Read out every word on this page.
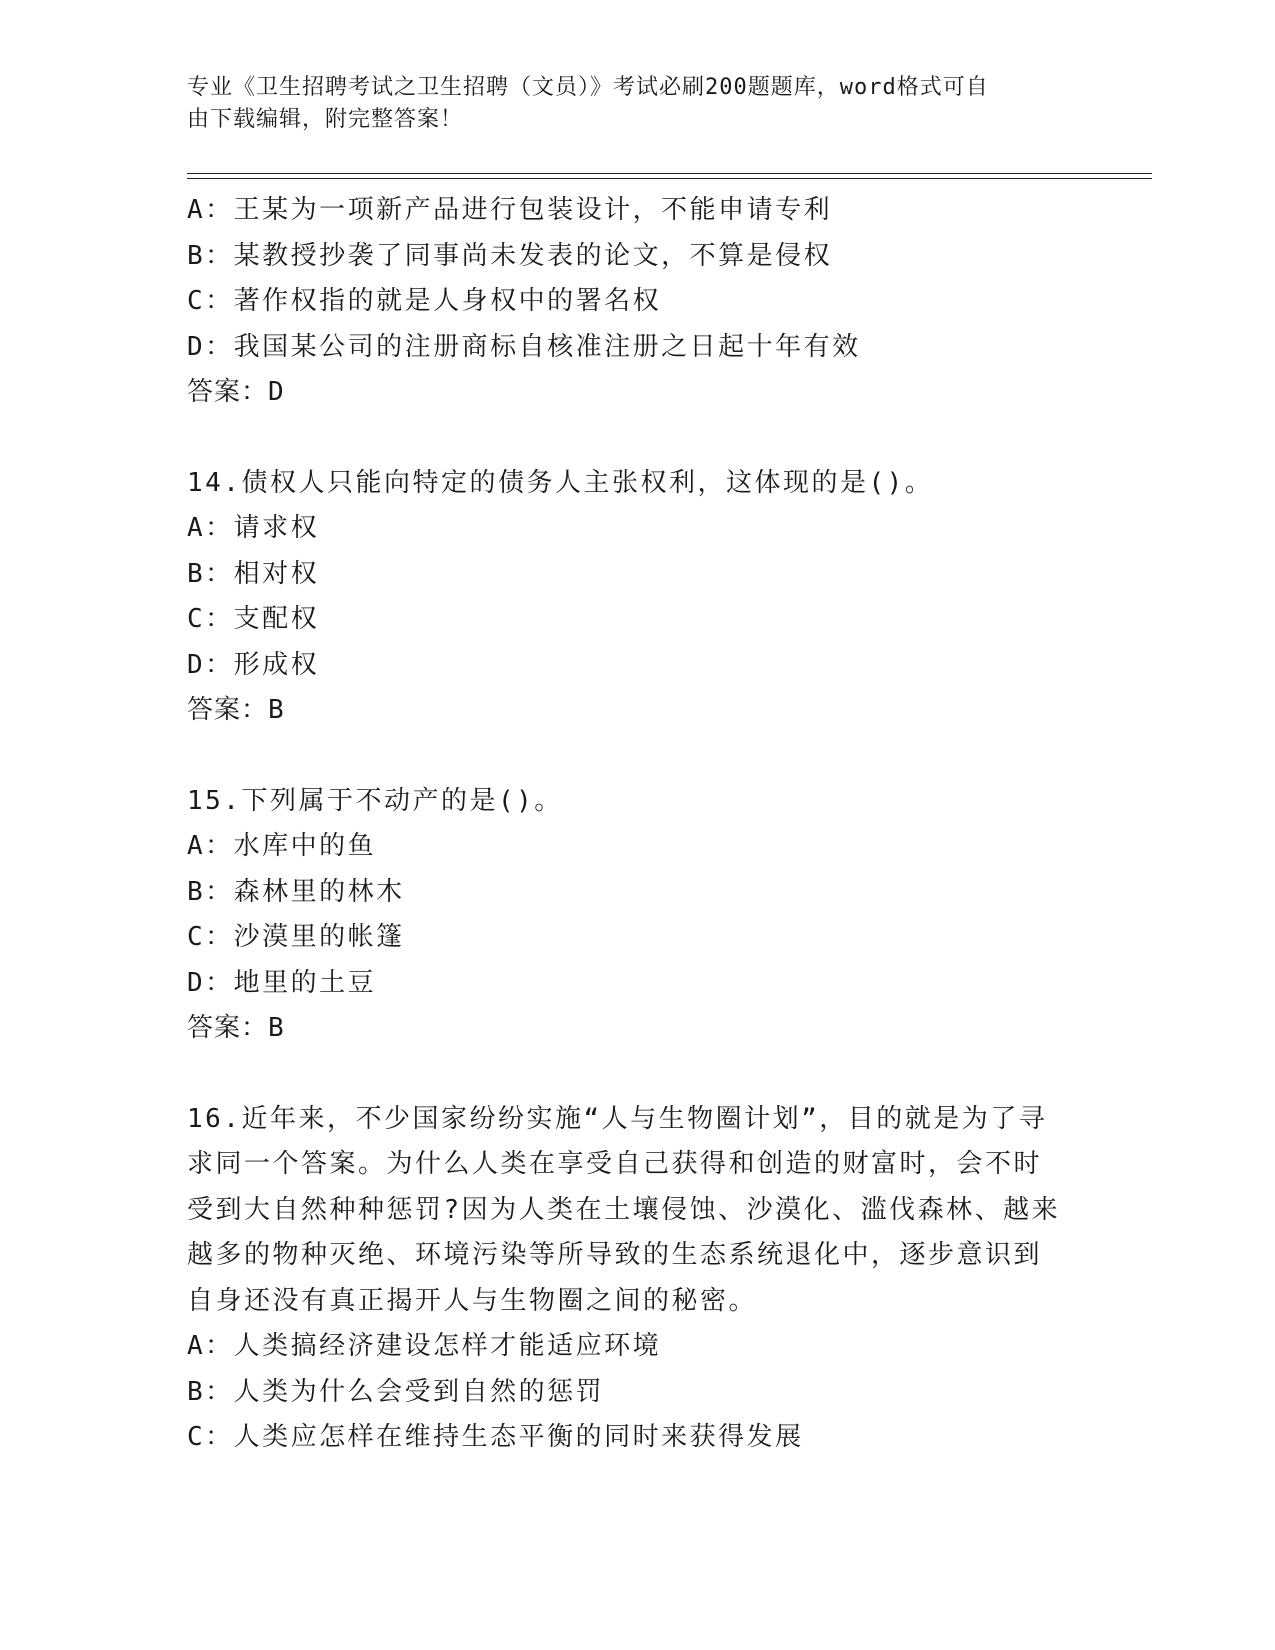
专业《卫生招聘考试之卫生招聘（文员）》考试必刷200题题库，word格式可自
由下载编辑，附完整答案！
A：王某为一项新产品进行包装设计，不能申请专利
B：某教授抄袭了同事尚未发表的论文，不算是侵权
C：著作权指的就是人身权中的署名权
D：我国某公司的注册商标自核准注册之日起十年有效
答案：D
14.债权人只能向特定的债务人主张权利，这体现的是()。
A：请求权
B：相对权
C：支配权
D：形成权
答案：B
15.下列属于不动产的是()。
A：水库中的鱼
B：森林里的林木
C：沙漠里的帐篷
D：地里的土豆
答案：B
16.近年来，不少国家纷纷实施“人与生物圈计划”，目的就是为了寻
求同一个答案。为什么人类在享受自己获得和创造的财富时，会不时
受到大自然种种惩罚?因为人类在土壤侵蚀、沙漠化、滥伐森林、越来
越多的物种灭绝、环境污染等所导致的生态系统退化中，逐步意识到
自身还没有真正揭开人与生物圈之间的秘密。
A：人类搞经济建设怎样才能适应环境
B：人类为什么会受到自然的惩罚
C：人类应怎样在维持生态平衡的同时来获得发展
